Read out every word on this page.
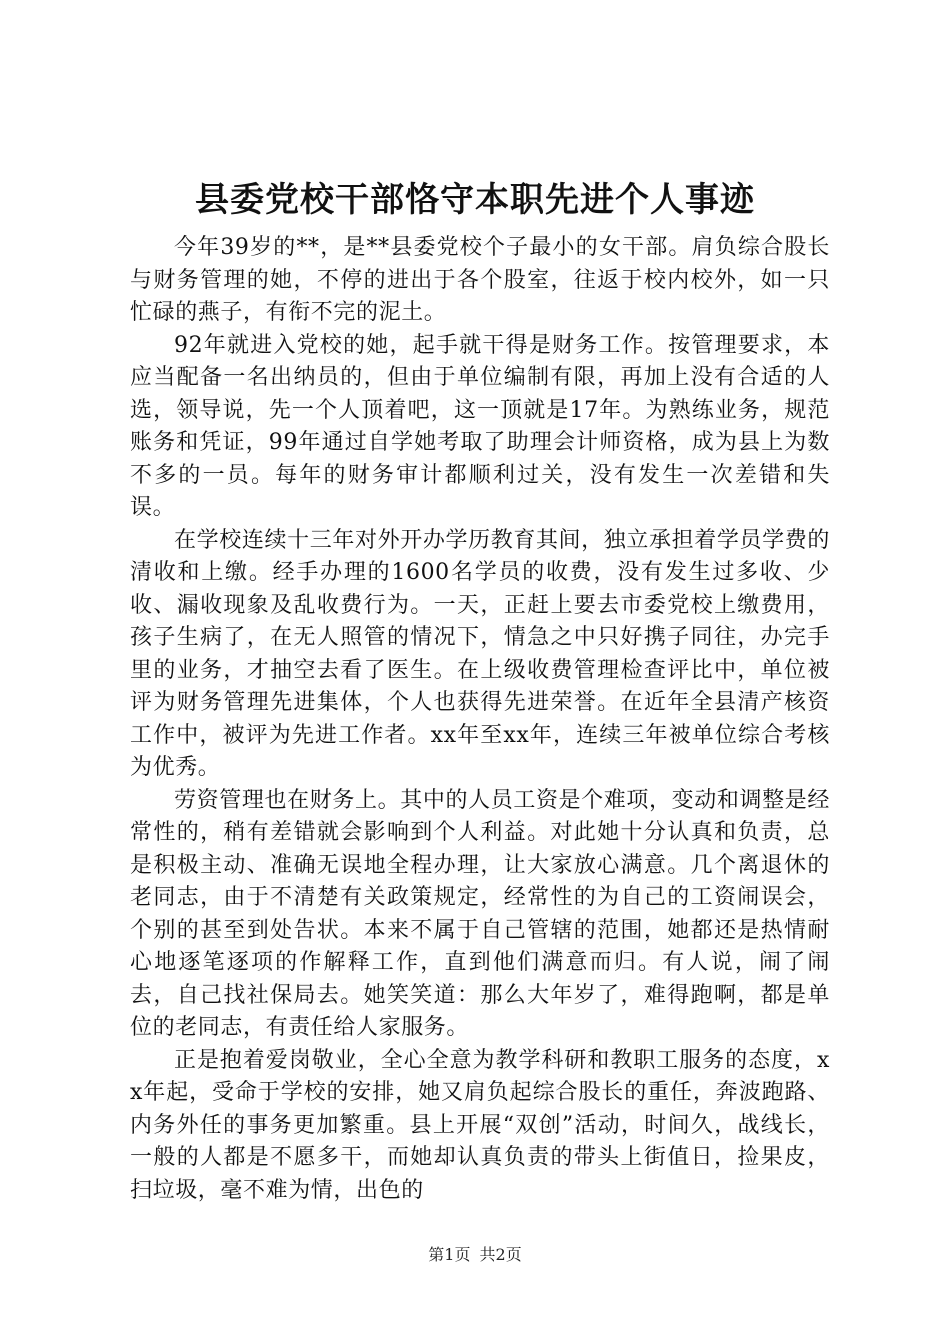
县委党校干部恪守本职先进个人事迹

今年39岁的**，是**县委党校个子最小的女干部。肩负综合股长与财务管理的她，不停的进出于各个股室，往返于校内校外，如一只忙碌的燕子，有衔不完的泥土。

92年就进入党校的她，起手就干得是财务工作。按管理要求，本应当配备一名出纳员的，但由于单位编制有限，再加上没有合适的人选，领导说，先一个人顶着吧，这一顶就是17年。为熟练业务，规范账务和凭证，99年通过自学她考取了助理会计师资格，成为县上为数不多的一员。每年的财务审计都顺利过关，没有发生一次差错和失误。

在学校连续十三年对外开办学历教育其间，独立承担着学员学费的清收和上缴。经手办理的1600名学员的收费，没有发生过多收、少收、漏收现象及乱收费行为。一天，正赶上要去市委党校上缴费用，孩子生病了，在无人照管的情况下，情急之中只好携子同往，办完手里的业务，才抽空去看了医生。在上级收费管理检查评比中，单位被评为财务管理先进集体，个人也获得先进荣誉。在近年全县清产核资工作中，被评为先进工作者。xx年至xx年，连续三年被单位综合考核为优秀。

劳资管理也在财务上。其中的人员工资是个难项，变动和调整是经常性的，稍有差错就会影响到个人利益。对此她十分认真和负责，总是积极主动、准确无误地全程办理，让大家放心满意。几个离退休的老同志，由于不清楚有关政策规定，经常性的为自己的工资闹误会，个别的甚至到处告状。本来不属于自己管辖的范围，她都还是热情耐心地逐笔逐项的作解释工作，直到他们满意而归。有人说，闹了闹去，自己找社保局去。她笑笑道：那么大年岁了，难得跑啊，都是单位的老同志，有责任给人家服务。

正是抱着爱岗敬业，全心全意为教学科研和教职工服务的态度，xx年起，受命于学校的安排，她又肩负起综合股长的重任，奔波跑路、内务外任的事务更加繁重。县上开展“双创”活动，时间久，战线长，一般的人都是不愿多干，而她却认真负责的带头上街值日，捡果皮，扫垃圾，毫不难为情，出色的

第1页 共2页
